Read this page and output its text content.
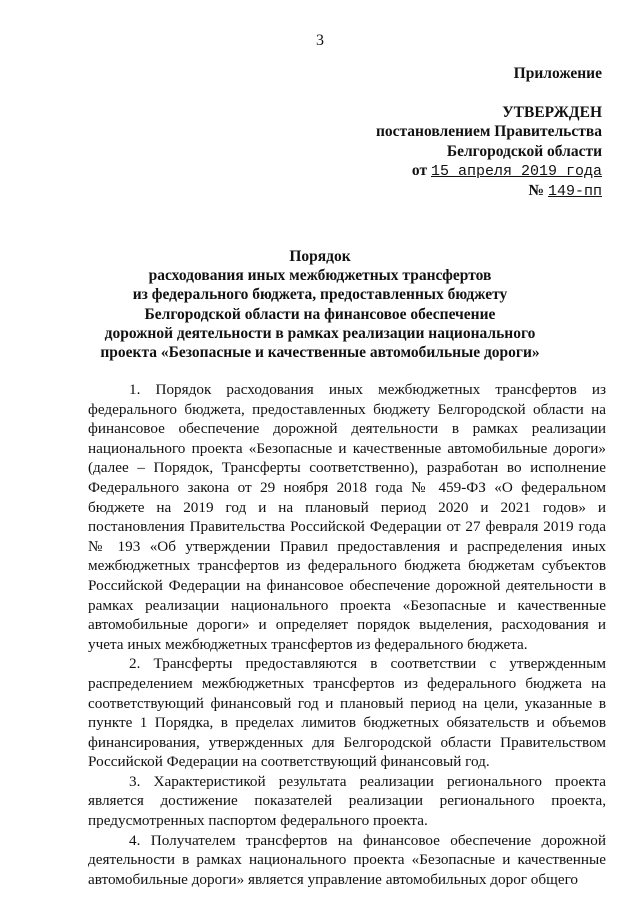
3
Приложение
УТВЕРЖДЕН
постановлением Правительства
Белгородской области
от 15 апреля 2019 года
№ 149-пп
Порядок
расходования иных межбюджетных трансфертов
из федерального бюджета, предоставленных бюджету
Белгородской области на финансовое обеспечение
дорожной деятельности в рамках реализации национального
проекта «Безопасные и качественные автомобильные дороги»

1. Порядок расходования иных межбюджетных трансфертов из федерального бюджета, предоставленных бюджету Белгородской области на финансовое обеспечение дорожной деятельности в рамках реализации национального проекта «Безопасные и качественные автомобильные дороги» (далее – Порядок, Трансферты соответственно), разработан во исполнение Федерального закона от 29 ноября 2018 года № 459-ФЗ «О федеральном бюджете на 2019 год и на плановый период 2020 и 2021 годов» и постановления Правительства Российской Федерации от 27 февраля 2019 года № 193 «Об утверждении Правил предоставления и распределения иных межбюджетных трансфертов из федерального бюджета бюджетам субъектов Российской Федерации на финансовое обеспечение дорожной деятельности в рамках реализации национального проекта «Безопасные и качественные автомобильные дороги» и определяет порядок выделения, расходования и учета иных межбюджетных трансфертов из федерального бюджета.

2. Трансферты предоставляются в соответствии с утвержденным распределением межбюджетных трансфертов из федерального бюджета на соответствующий финансовый год и плановый период на цели, указанные в пункте 1 Порядка, в пределах лимитов бюджетных обязательств и объемов финансирования, утвержденных для Белгородской области Правительством Российской Федерации на соответствующий финансовый год.

3. Характеристикой результата реализации регионального проекта является достижение показателей реализации регионального проекта, предусмотренных паспортом федерального проекта.

4. Получателем трансфертов на финансовое обеспечение дорожной деятельности в рамках национального проекта «Безопасные и качественные автомобильные дороги» является управление автомобильных дорог общего
